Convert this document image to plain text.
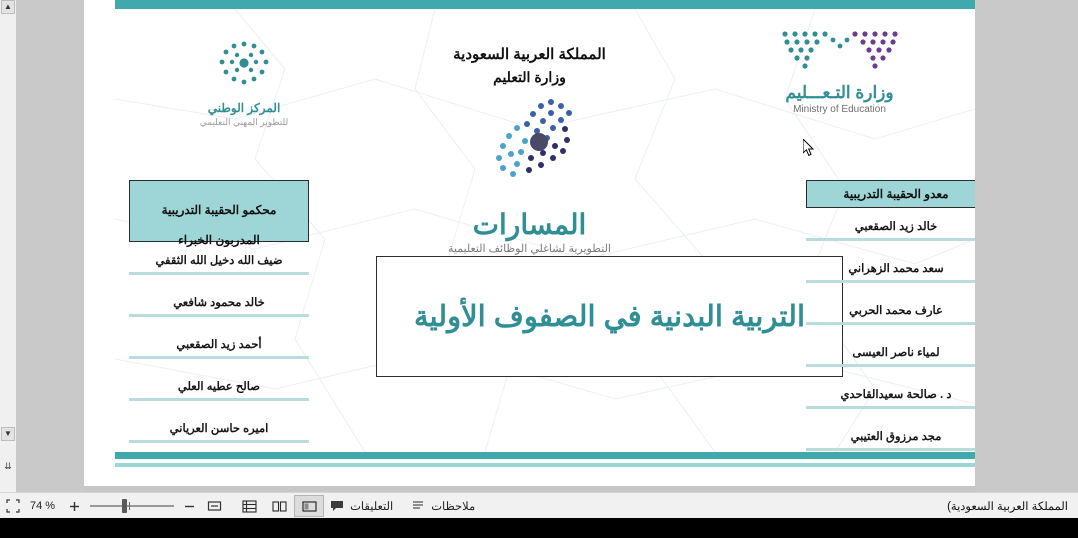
▲
▼
⇊
المملكة العربية السعودية
وزارة التعليم
المركز الوطني
للتطوير المهني التعليمي
وزارة التـعـــليم
Ministry of Education
المسارات
التطويرية لشاغلي الوظائف التعليمية
التربية البدنية في الصفوف الأولية
محكمو الحقيبة التدريبية
المدربون الخبراء
ضيف الله دخيل الله الثقفي
خالد محمود شافعي
أحمد زيد الصقعبي
صالح عطيه العلي
اميره حاسن العرياني
معدو الحقيبة التدريبية
خالد زيد الصقعبي
سعد محمد الزهراني
عارف محمد الحربي
لمياء ناصر العيسى
د . صالحة سعيدالقاحدي
مجد مرزوق العتيبي
74 %	التعليقات	ملاحظات	المملكة العربية السعودية)
